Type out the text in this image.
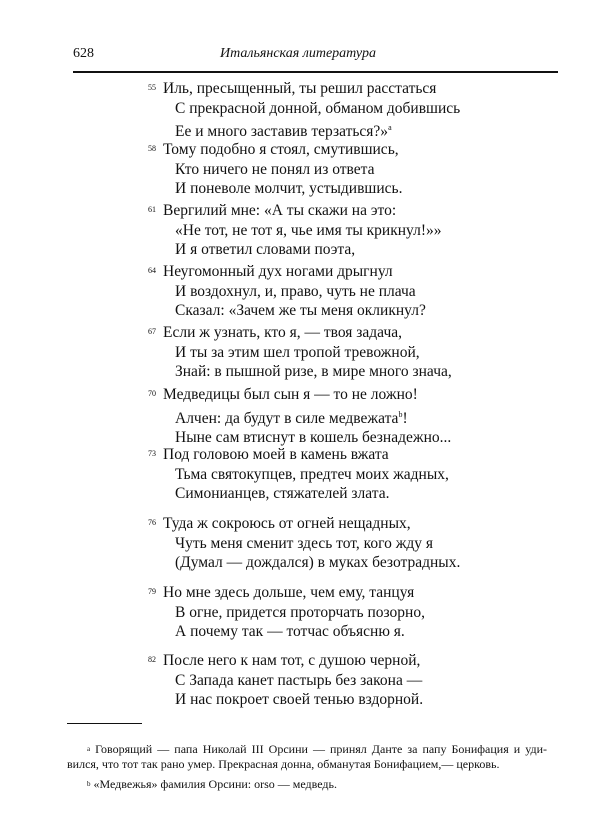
628	Итальянская литература
55 Иль, пресыщенный, ты решил расстаться
С прекрасной донной, обманом добившись
Ее и много заставив терзаться?»$^a$
58 Тому подобно я стоял, смутившись,
Кто ничего не понял из ответа
И поневоле молчит, устыдившись.
61 Вергилий мне: «А ты скажи на это:
«Не тот, не тот я, чье имя ты крикнул!»»
И я ответил словами поэта,
64 Неугомонный дух ногами дрыгнул
И воздохнул, и, право, чуть не плача
Сказал: «Зачем же ты меня окликнул?
67 Если ж узнать, кто я, — твоя задача,
И ты за этим шел тропой тревожной,
Знай: в пышной ризе, в мире много знача,
70 Медведицы был сын я — то не ложно!
Алчен: да будут в силе медвежата$^b$!
Ныне сам втиснут в кошель безнадежно...
73 Под головою моей в камень вжата
Тьма святокупцев, предтеч моих жадных,
Симонианцев, стяжателей злата.
76 Туда ж сокроюсь от огней нещадных,
Чуть меня сменит здесь тот, кого жду я
(Думал — дождался) в муках безотрадных.
79 Но мне здесь дольше, чем ему, танцуя
В огне, придется проторчать позорно,
А почему так — тотчас объясню я.
82 После него к нам тот, с душою черной,
С Запада канет пастырь без закона —
И нас покроет своей тенью вздорной.
$^a$ Говорящий — папа Николай III Орсини — принял Данте за папу Бонифация и уди-
вился, что тот так рано умер. Прекрасная донна, обманутая Бонифацием,— церковь.
$^b$ «Медвежья» фамилия Орсини: orso — медведь.
